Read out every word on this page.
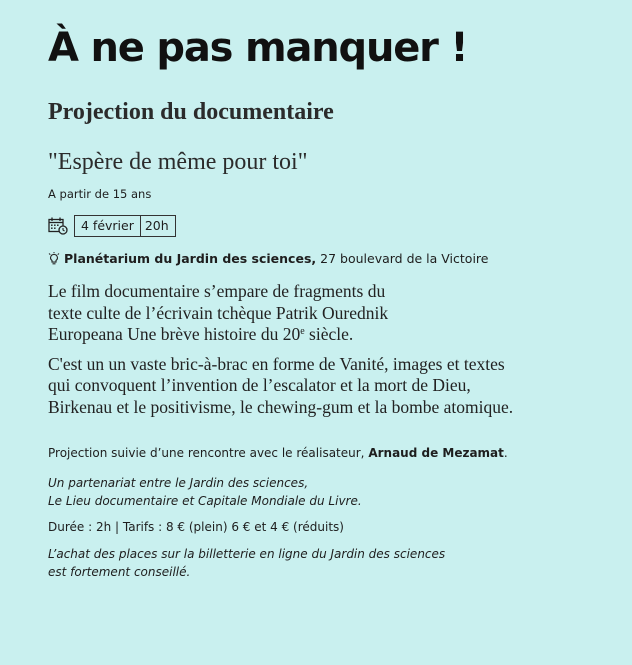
À ne pas manquer !
Projection du documentaire
"Espère de même pour toi"
A partir de 15 ans
4 février 20h
Planétarium du Jardin des sciences, 27 boulevard de la Victoire

Le film documentaire s’empare de fragments du
texte culte de l’écrivain tchèque Patrik Ourednik
Europeana Une brève histoire du 20e siècle.

C'est un un vaste bric-à-brac en forme de Vanité, images et textes
qui convoquent l’invention de l’escalator et la mort de Dieu,
Birkenau et le positivisme, le chewing-gum et la bombe atomique.

Projection suivie d’une rencontre avec le réalisateur, Arnaud de Mezamat.
Un partenariat entre le Jardin des sciences,
Le Lieu documentaire et Capitale Mondiale du Livre.
Durée : 2h | Tarifs : 8 € (plein) 6 € et 4 € (réduits)
L’achat des places sur la billetterie en ligne du Jardin des sciences
est fortement conseillé.
